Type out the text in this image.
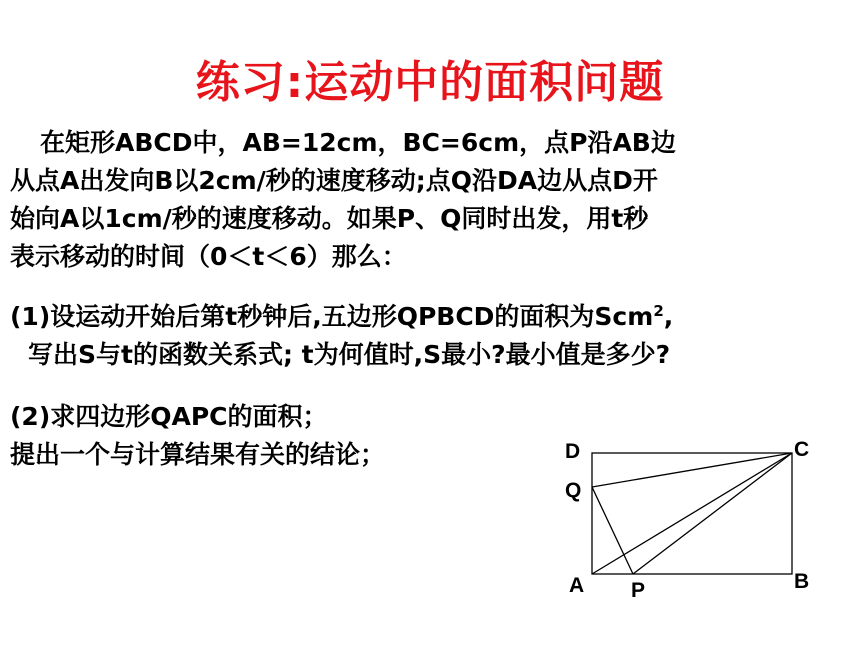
练习:运动中的面积问题
在矩形ABCD中，AB=12cm，BC=6cm，点P沿AB边
从点A出发向B以2cm/秒的速度移动;点Q沿DA边从点D开
始向A以1cm/秒的速度移动。如果P、Q同时出发，用t秒
表示移动的时间（0＜t＜6）那么：
(1)设运动开始后第t秒钟后,五边形QPBCD的面积为Scm$^2$,
写出S与t的函数关系式; t为何值时,S最小?最小值是多少?
(2)求四边形QAPC的面积；
提出一个与计算结果有关的结论；	D	C
Q
A P	B
